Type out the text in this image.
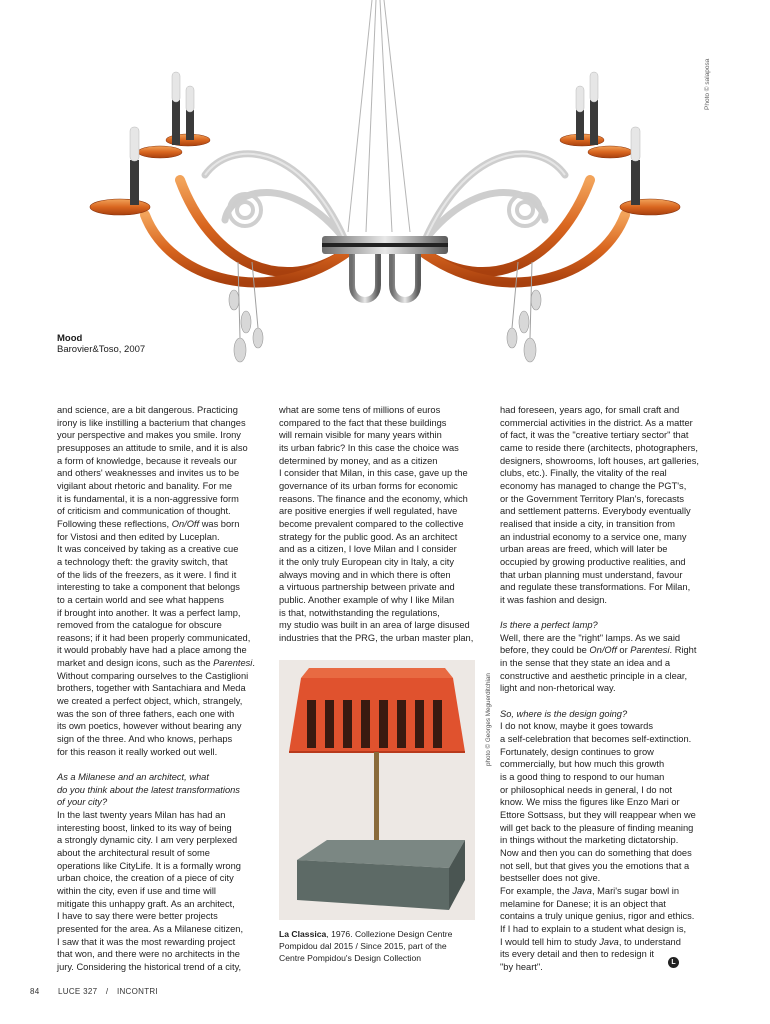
Photo © salaposa
Mood
Barovier&Toso, 2007

and science, are a bit dangerous. Practicing

irony is like instilling a bacterium that changes

your perspective and makes you smile. Irony

presupposes an attitude to smile, and it is also

a form of knowledge, because it reveals our

and others' weaknesses and invites us to be

vigilant about rhetoric and banality. For me

it is fundamental, it is a non-aggressive form

of criticism and communication of thought.

Following these reflections, On/Off was born

for Vistosi and then edited by Luceplan.

It was conceived by taking as a creative cue

a technology theft: the gravity switch, that

of the lids of the freezers, as it were. I find it

interesting to take a component that belongs

to a certain world and see what happens

if brought into another. It was a perfect lamp,

removed from the catalogue for obscure

reasons; if it had been properly communicated,

it would probably have had a place among the

market and design icons, such as the Parentesi.

Without comparing ourselves to the Castiglioni

brothers, together with Santachiara and Meda

we created a perfect object, which, strangely,

was the son of three fathers, each one with

its own poetics, however without bearing any

sign of the three. And who knows, perhaps

for this reason it really worked out well.

As a Milanese and an architect, what

do you think about the latest transformations

of your city?

In the last twenty years Milan has had an

interesting boost, linked to its way of being

a strongly dynamic city. I am very perplexed

about the architectural result of some

operations like CityLife. It is a formally wrong

urban choice, the creation of a piece of city

within the city, even if use and time will

mitigate this unhappy graft. As an architect,

I have to say there were better projects

presented for the area. As a Milanese citizen,

I saw that it was the most rewarding project

that won, and there were no architects in the

jury. Considering the historical trend of a city,

what are some tens of millions of euros

compared to the fact that these buildings

will remain visible for many years within

its urban fabric? In this case the choice was

determined by money, and as a citizen

I consider that Milan, in this case, gave up the

governance of its urban forms for economic

reasons. The finance and the economy, which

are positive energies if well regulated, have

become prevalent compared to the collective

strategy for the public good. As an architect

and as a citizen, I love Milan and I consider

it the only truly European city in Italy, a city

always moving and in which there is often

a virtuous partnership between private and

public. Another example of why I like Milan

is that, notwithstanding the regulations,

my studio was built in an area of large disused

industries that the PRG, the urban master plan,

had foreseen, years ago, for small craft and

commercial activities in the district. As a matter

of fact, it was the "creative tertiary sector" that

came to reside there (architects, photographers,

designers, showrooms, loft houses, art galleries,

clubs, etc.). Finally, the vitality of the real

economy has managed to change the PGT's,

or the Government Territory Plan's, forecasts

and settlement patterns. Everybody eventually

realised that inside a city, in transition from

an industrial economy to a service one, many

urban areas are freed, which will later be

occupied by growing productive realities, and

that urban planning must understand, favour

and regulate these transformations. For Milan,

it was fashion and design.

Is there a perfect lamp?

Well, there are the "right" lamps. As we said

before, they could be On/Off or Parentesi. Right

in the sense that they state an idea and a

constructive and aesthetic principle in a clear,

light and non-rhetorical way.

So, where is the design going?

I do not know, maybe it goes towards

a self-celebration that becomes self-extinction.

Fortunately, design continues to grow

commercially, but how much this growth

is a good thing to respond to our human

or philosophical needs in general, I do not

know. We miss the figures like Enzo Mari or

Ettore Sottsass, but they will reappear when we

will get back to the pleasure of finding meaning

in things without the marketing dictatorship.

Now and then you can do something that does

not sell, but that gives you the emotions that a

bestseller does not give.

For example, the Java, Mari's sugar bowl in

melamine for Danese; it is an object that

contains a truly unique genius, rigor and ethics.

If I had to explain to a student what design is,

I would tell him to study Java, to understand

its every detail and then to redesign it

"by heart".

photo © Georges Meguerditchian
La Classica, 1976. Collezione Design Centre
Pompidou dal 2015 / Since 2015, part of the
Centre Pompidou's Design Collection	L
84 LUCE 327 / INCONTRI
